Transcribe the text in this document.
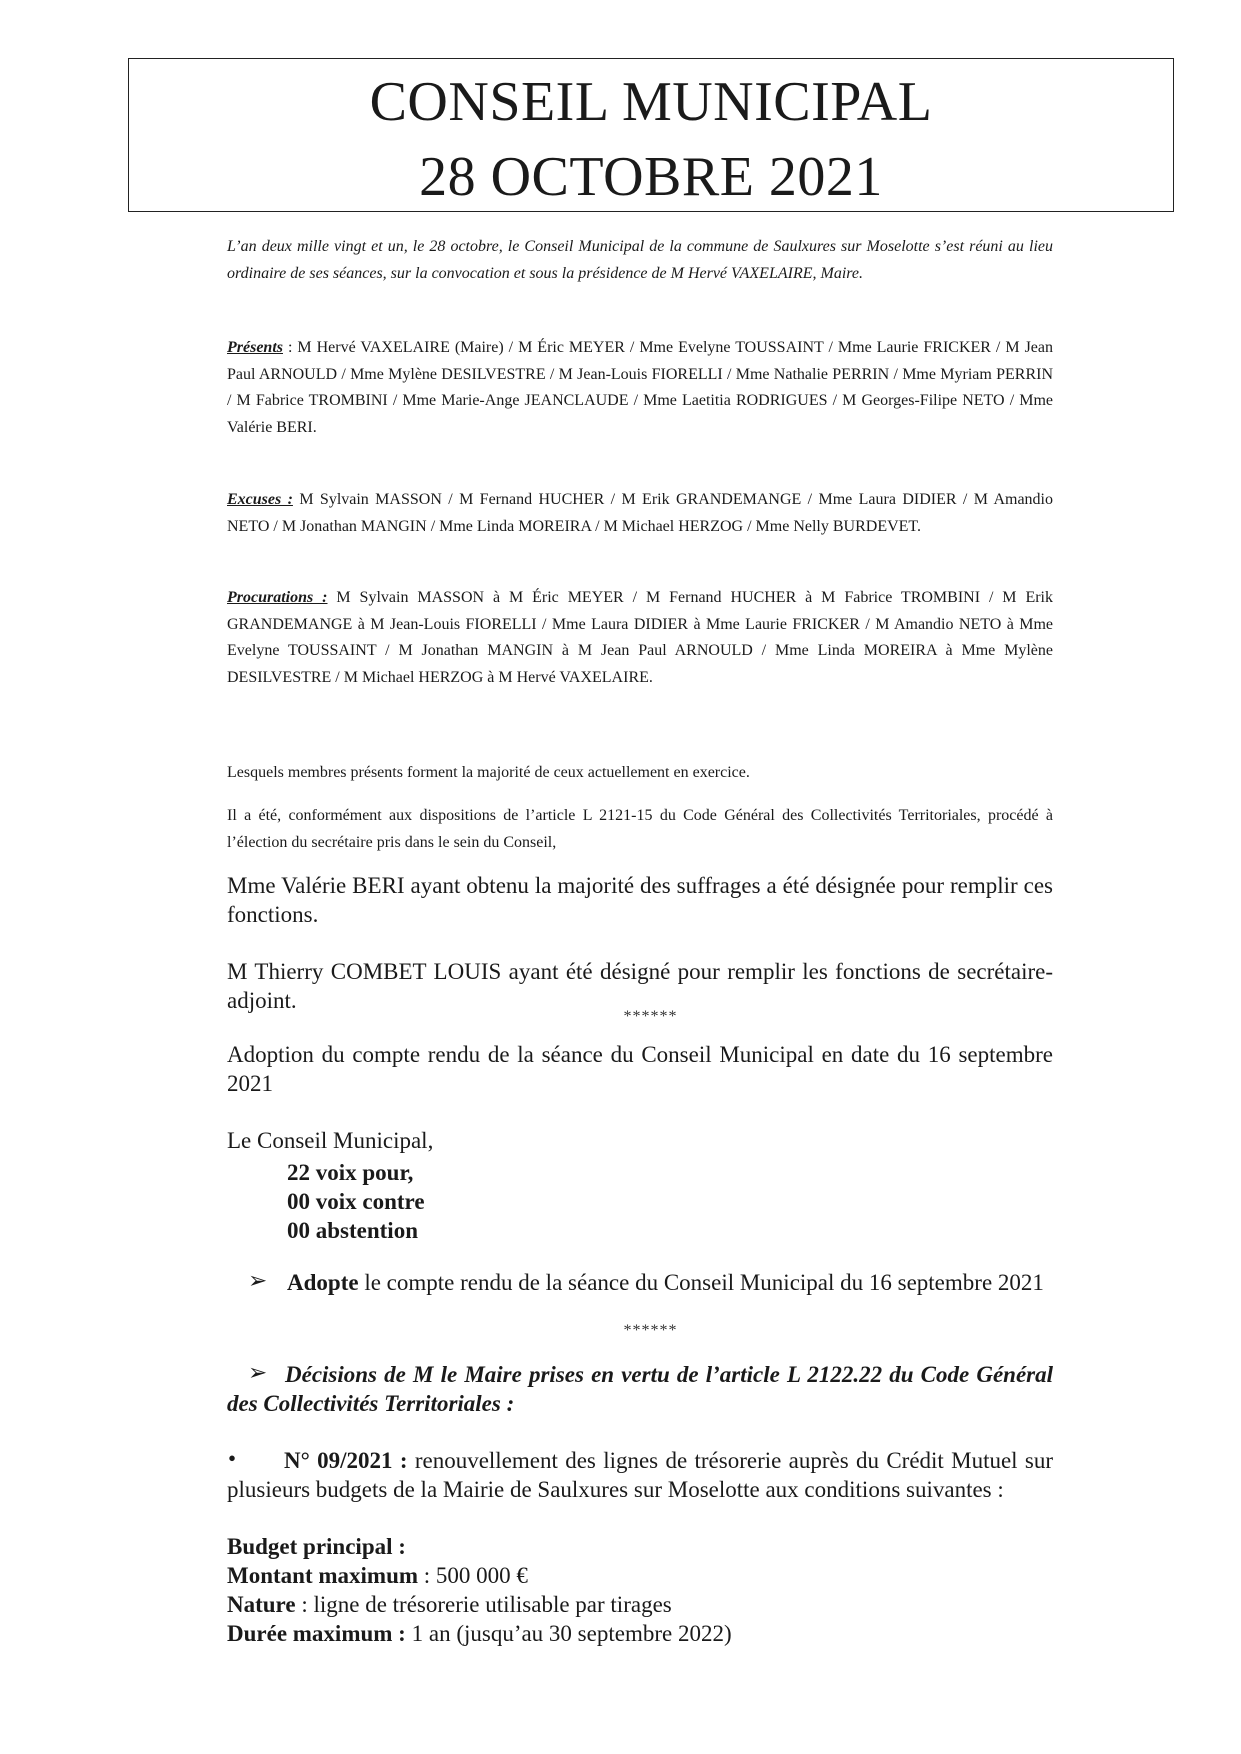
CONSEIL MUNICIPAL
28 OCTOBRE 2021

L’an deux mille vingt et un, le 28 octobre, le Conseil Municipal de la commune de Saulxures sur Moselotte s’est réuni au lieu ordinaire de ses séances, sur la convocation et sous la présidence de M Hervé VAXELAIRE, Maire.

Présents : M Hervé VAXELAIRE (Maire) / M Éric MEYER / Mme Evelyne TOUSSAINT / Mme Laurie FRICKER / M Jean Paul ARNOULD / Mme Mylène DESILVESTRE / M Jean-Louis FIORELLI / Mme Nathalie PERRIN / Mme Myriam PERRIN / M Fabrice TROMBINI / Mme Marie-Ange JEANCLAUDE / Mme Laetitia RODRIGUES / M Georges-Filipe NETO / Mme Valérie BERI.

Excuses : M Sylvain MASSON / M Fernand HUCHER / M Erik GRANDEMANGE / Mme Laura DIDIER / M Amandio NETO / M Jonathan MANGIN / Mme Linda MOREIRA / M Michael HERZOG / Mme Nelly BURDEVET.

Procurations : M Sylvain MASSON à M Éric MEYER / M Fernand HUCHER à M Fabrice TROMBINI / M Erik GRANDEMANGE à M Jean-Louis FIORELLI / Mme Laura DIDIER à Mme Laurie FRICKER / M Amandio NETO à Mme Evelyne TOUSSAINT / M Jonathan MANGIN à M Jean Paul ARNOULD / Mme Linda MOREIRA à Mme Mylène DESILVESTRE / M Michael HERZOG à M Hervé VAXELAIRE.

Lesquels membres présents forment la majorité de ceux actuellement en exercice.

Il a été, conformément aux dispositions de l’article L 2121-15 du Code Général des Collectivités Territoriales, procédé à l’élection du secrétaire pris dans le sein du Conseil,

Mme Valérie BERI ayant obtenu la majorité des suffrages a été désignée pour remplir ces fonctions.

M Thierry COMBET LOUIS ayant été désigné pour remplir les fonctions de secrétaire-adjoint.

******

Adoption du compte rendu de la séance du Conseil Municipal en date du 16 septembre 2021

Le Conseil Municipal,
22 voix pour,
00 voix contre
00 abstention
➢ Adopte le compte rendu de la séance du Conseil Municipal du 16 septembre 2021

******
➢ Décisions de M le Maire prises en vertu de l’article L 2122.22 du Code Général des Collectivités Territoriales :

•	N° 09/2021 : renouvellement des lignes de trésorerie auprès du Crédit Mutuel sur plusieurs budgets de la Mairie de Saulxures sur Moselotte aux conditions suivantes :

Budget principal :
Montant maximum : 500 000 €
Nature : ligne de trésorerie utilisable par tirages
Durée maximum : 1 an (jusqu’au 30 septembre 2022)
